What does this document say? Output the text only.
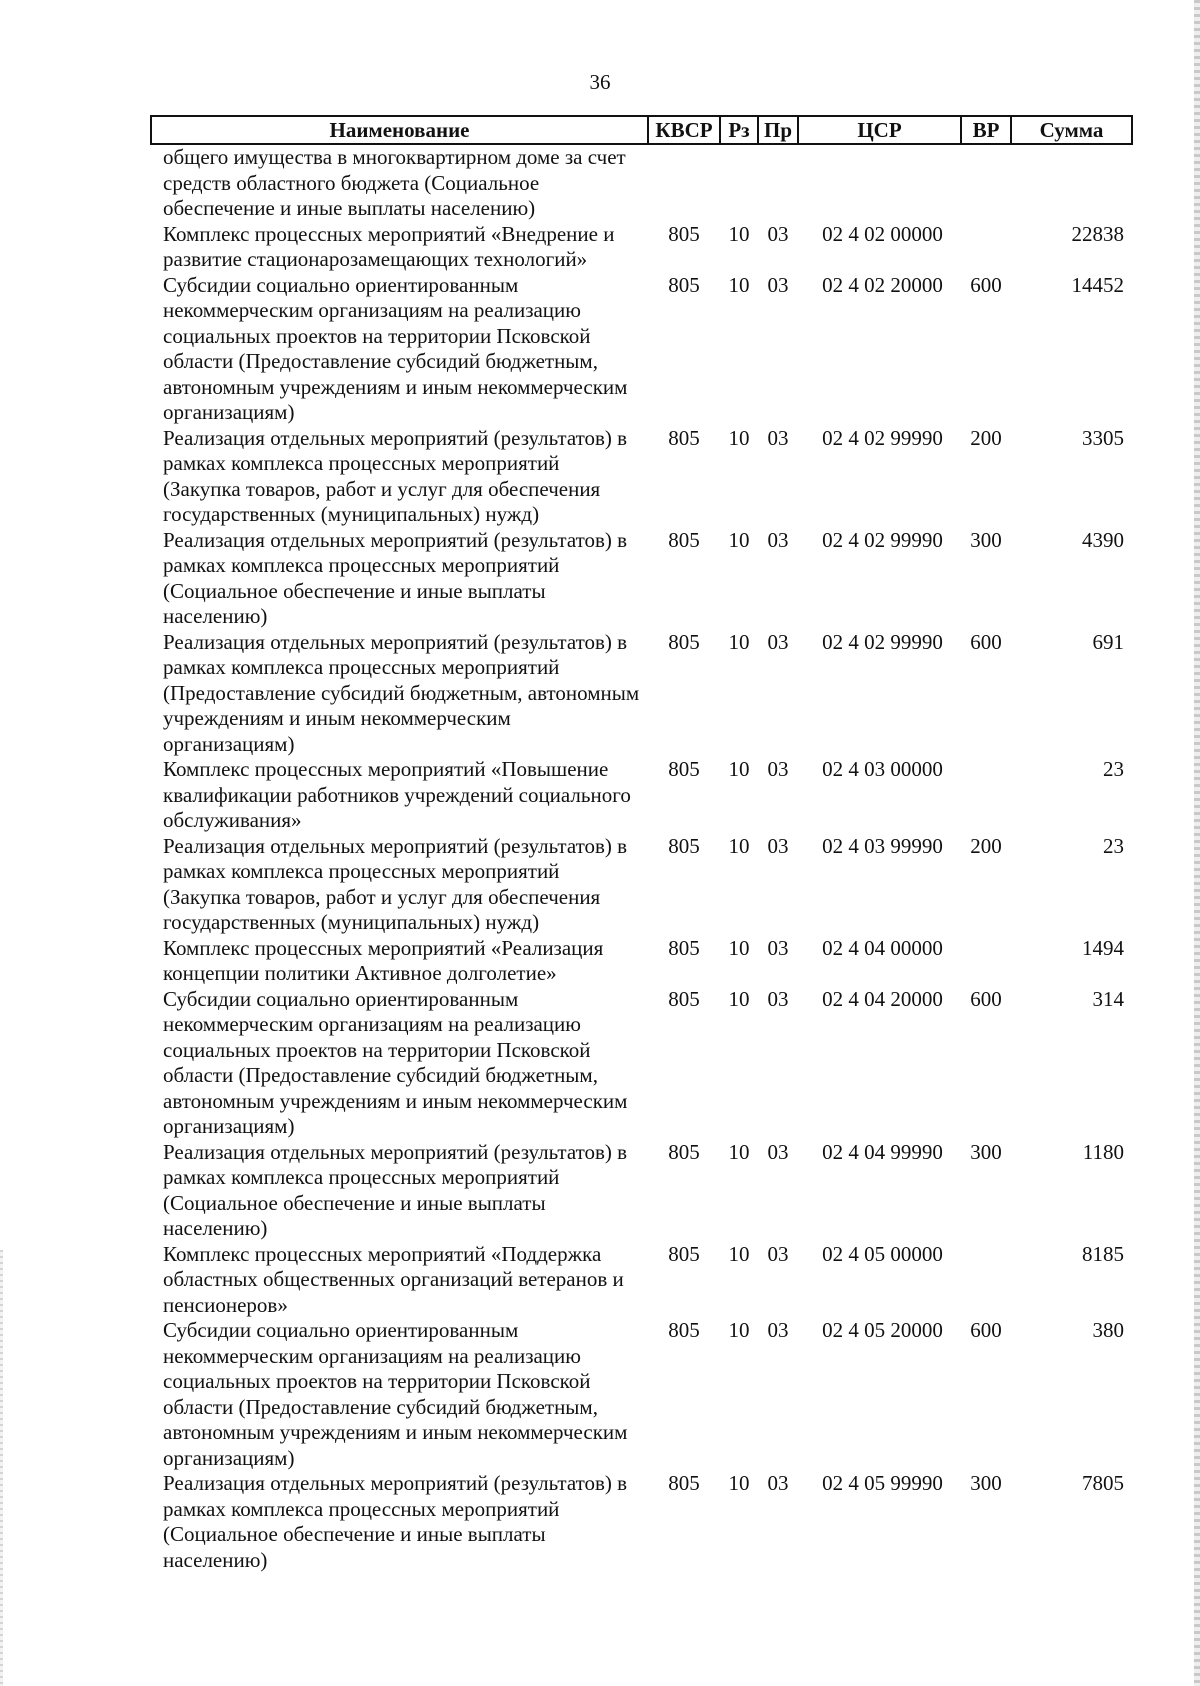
36
Наименование	КВСР	Рз	Пр	ЦСР	ВР	Сумма
общего имущества в многоквартирном доме за счет средств областного бюджета (Социальное обеспечение и иные выплаты населению)						
Комплекс процессных мероприятий «Внедрение и развитие стационарозамещающих технологий»	805	10	03	02 4 02 00000		22838
Субсидии социально ориентированным некоммерческим организациям на реализацию социальных проектов на территории Псковской области (Предоставление субсидий бюджетным, автономным учреждениям и иным некоммерческим организациям)	805	10	03	02 4 02 20000	600	14452
Реализация отдельных мероприятий (результатов) в рамках комплекса процессных мероприятий (Закупка товаров, работ и услуг для обеспечения государственных (муниципальных) нужд)	805	10	03	02 4 02 99990	200	3305
Реализация отдельных мероприятий (результатов) в рамках комплекса процессных мероприятий (Социальное обеспечение и иные выплаты населению)	805	10	03	02 4 02 99990	300	4390
Реализация отдельных мероприятий (результатов) в рамках комплекса процессных мероприятий (Предоставление субсидий бюджетным, автономным учреждениям и иным некоммерческим организациям)	805	10	03	02 4 02 99990	600	691
Комплекс процессных мероприятий «Повышение квалификации работников учреждений социального обслуживания»	805	10	03	02 4 03 00000		23
Реализация отдельных мероприятий (результатов) в рамках комплекса процессных мероприятий (Закупка товаров, работ и услуг для обеспечения государственных (муниципальных) нужд)	805	10	03	02 4 03 99990	200	23
Комплекс процессных мероприятий «Реализация концепции политики Активное долголетие»	805	10	03	02 4 04 00000		1494
Субсидии социально ориентированным некоммерческим организациям на реализацию социальных проектов на территории Псковской области (Предоставление субсидий бюджетным, автономным учреждениям и иным некоммерческим организациям)	805	10	03	02 4 04 20000	600	314
Реализация отдельных мероприятий (результатов) в рамках комплекса процессных мероприятий (Социальное обеспечение и иные выплаты населению)	805	10	03	02 4 04 99990	300	1180
Комплекс процессных мероприятий «Поддержка областных общественных организаций ветеранов и пенсионеров»	805	10	03	02 4 05 00000		8185
Субсидии социально ориентированным некоммерческим организациям на реализацию социальных проектов на территории Псковской области (Предоставление субсидий бюджетным, автономным учреждениям и иным некоммерческим организациям)	805	10	03	02 4 05 20000	600	380
Реализация отдельных мероприятий (результатов) в рамках комплекса процессных мероприятий (Социальное обеспечение и иные выплаты населению)	805	10	03	02 4 05 99990	300	7805
